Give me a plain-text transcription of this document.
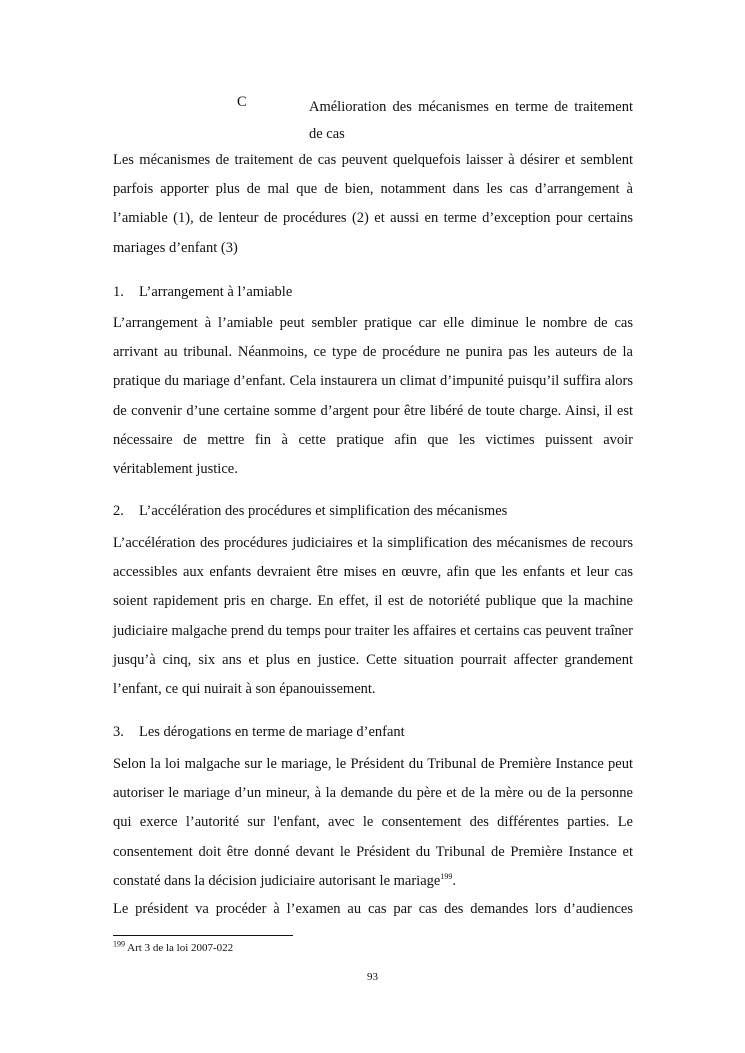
C	Amélioration des mécanismes en terme de traitement de cas

Les mécanismes de traitement de cas peuvent quelquefois laisser à désirer et semblent parfois apporter plus de mal que de bien, notamment dans les cas d’arrangement à l’amiable (1), de lenteur de procédures (2) et aussi en terme d’exception pour certains mariages d’enfant (3)

1. L’arrangement à l’amiable

L’arrangement à l’amiable peut sembler pratique car elle diminue le nombre de cas arrivant au tribunal. Néanmoins, ce type de procédure ne punira pas les auteurs de la pratique du mariage d’enfant. Cela instaurera un climat d’impunité puisqu’il suffira alors de convenir d’une certaine somme d’argent pour être libéré de toute charge. Ainsi, il est nécessaire de mettre fin à cette pratique afin que les victimes puissent avoir véritablement justice.

2. L’accélération des procédures et simplification des mécanismes

L’accélération des procédures judiciaires et la simplification des mécanismes de recours accessibles aux enfants devraient être mises en œuvre, afin que les enfants et leur cas soient rapidement pris en charge. En effet, il est de notoriété publique que la machine judiciaire malgache prend du temps pour traiter les affaires et certains cas peuvent traîner jusqu’à cinq, six ans et plus en justice. Cette situation pourrait affecter grandement l’enfant, ce qui nuirait à son épanouissement.

3. Les dérogations en terme de mariage d’enfant

Selon la loi malgache sur le mariage, le Président du Tribunal de Première Instance peut autoriser le mariage d’un mineur, à la demande du père et de la mère ou de la personne qui exerce l’autorité sur l'enfant, avec le consentement des différentes parties. Le consentement doit être donné devant le Président du Tribunal de Première Instance et constaté dans la décision judiciaire autorisant le mariage$^{199}$.

Le président va procéder à l’examen au cas par cas des demandes lors d’audiences

$^{199}$ Art 3 de la loi 2007-022
93
